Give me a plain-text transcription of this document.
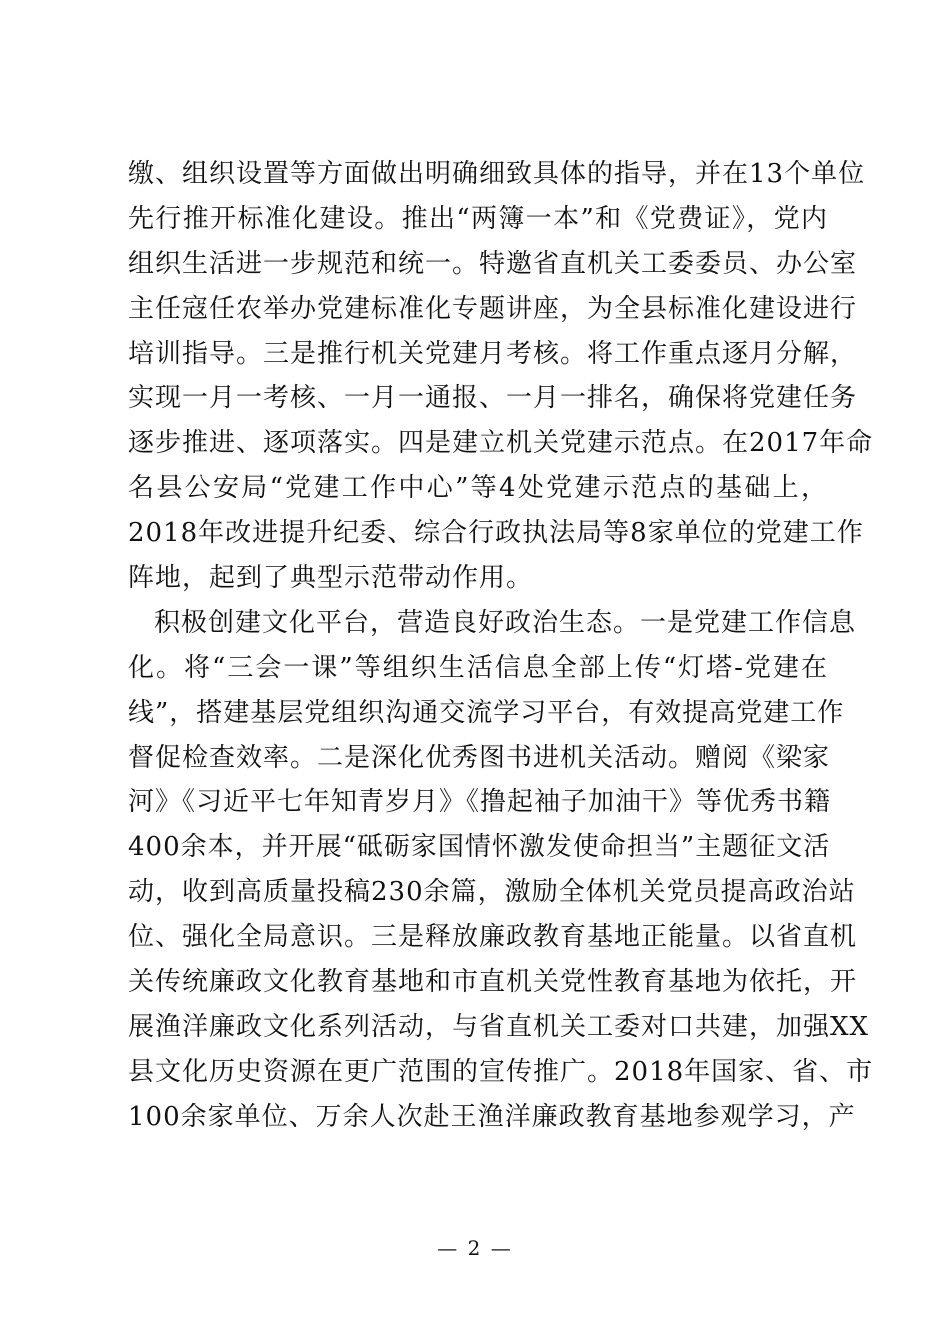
缴、组织设置等方面做出明确细致具体的指导，并在13个单位
先行推开标准化建设。推出“两簿一本”和《党费证》，党内
组织生活进一步规范和统一。特邀省直机关工委委员、办公室
主任寇任农举办党建标准化专题讲座，为全县标准化建设进行
培训指导。三是推行机关党建月考核。将工作重点逐月分解，
实现一月一考核、一月一通报、一月一排名，确保将党建任务
逐步推进、逐项落实。四是建立机关党建示范点。在2017年命
名县公安局“党建工作中心”等4处党建示范点的基础上，
2018年改进提升纪委、综合行政执法局等8家单位的党建工作
阵地，起到了典型示范带动作用。
积极创建文化平台，营造良好政治生态。一是党建工作信息
化。将“三会一课”等组织生活信息全部上传“灯塔-党建在
线”，搭建基层党组织沟通交流学习平台，有效提高党建工作
督促检查效率。二是深化优秀图书进机关活动。赠阅《梁家
河》《习近平七年知青岁月》《撸起袖子加油干》等优秀书籍
400余本，并开展“砥砺家国情怀激发使命担当”主题征文活
动，收到高质量投稿230余篇，激励全体机关党员提高政治站
位、强化全局意识。三是释放廉政教育基地正能量。以省直机
关传统廉政文化教育基地和市直机关党性教育基地为依托，开
展渔洋廉政文化系列活动，与省直机关工委对口共建，加强XX
县文化历史资源在更广范围的宣传推广。2018年国家、省、市
100余家单位、万余人次赴王渔洋廉政教育基地参观学习，产
— 2 —
